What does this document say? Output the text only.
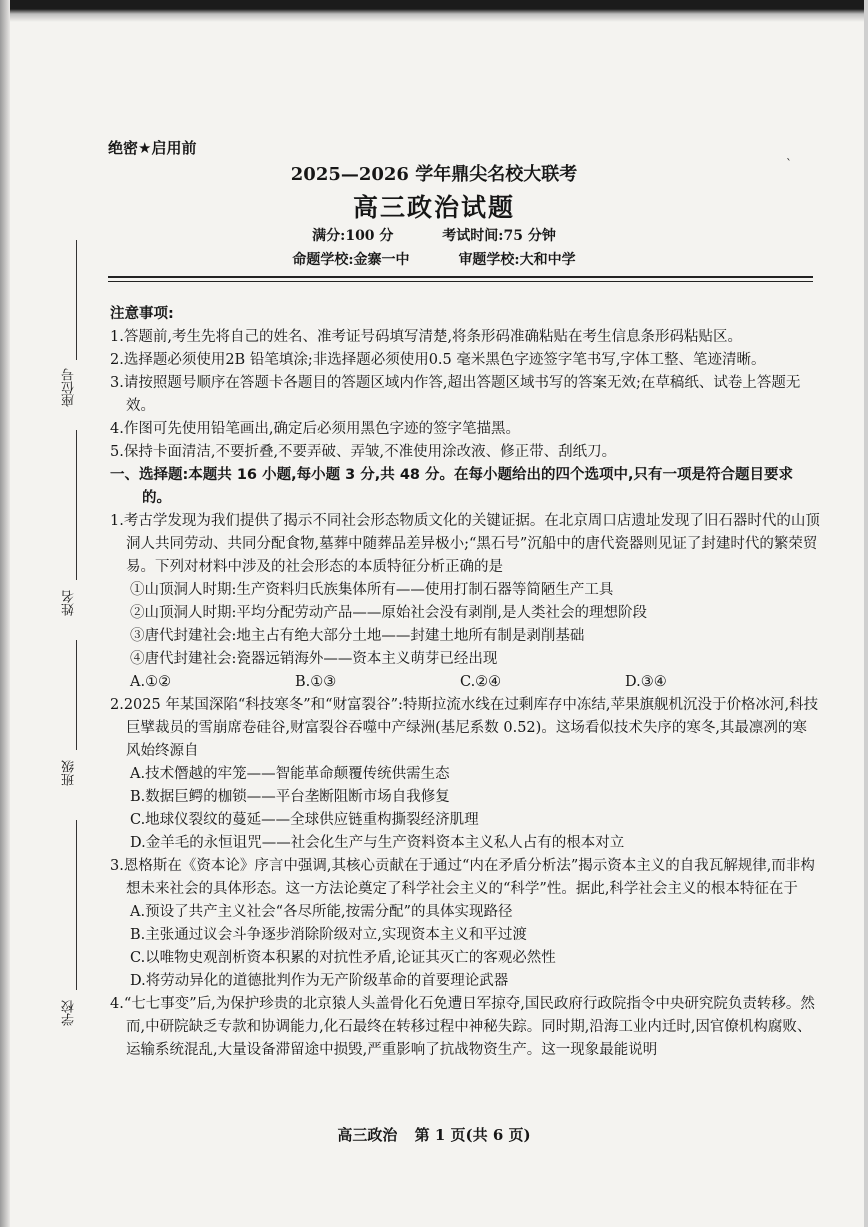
绝密★启用前
2025—2026 学年鼎尖名校大联考
高三政治试题
满分:100 分	考试时间:75 分钟
命题学校:金寨一中	审题学校:大和中学
座位号
姓名
班级
学校
`

注意事项:

1.答题前,考生先将自己的姓名、准考证号码填写清楚,将条形码准确粘贴在考生信息条形码粘贴区。

2.选择题必须使用2B 铅笔填涂;非选择题必须使用0.5 毫米黑色字迹签字笔书写,字体工整、笔迹清晰。

3.请按照题号顺序在答题卡各题目的答题区域内作答,超出答题区域书写的答案无效;在草稿纸、试卷上答题无效。

4.作图可先使用铅笔画出,确定后必须用黑色字迹的签字笔描黑。

5.保持卡面清洁,不要折叠,不要弄破、弄皱,不准使用涂改液、修正带、刮纸刀。

一、选择题:本题共 16 小题,每小题 3 分,共 48 分。在每小题给出的四个选项中,只有一项是符合题目要求的。

1.考古学发现为我们提供了揭示不同社会形态物质文化的关键证据。在北京周口店遗址发现了旧石器时代的山顶洞人共同劳动、共同分配食物,墓葬中随葬品差异极小;“黑石号”沉船中的唐代瓷器则见证了封建时代的繁荣贸易。下列对材料中涉及的社会形态的本质特征分析正确的是

①山顶洞人时期:生产资料归氏族集体所有——使用打制石器等简陋生产工具

②山顶洞人时期:平均分配劳动产品——原始社会没有剥削,是人类社会的理想阶段

③唐代封建社会:地主占有绝大部分土地——封建土地所有制是剥削基础

④唐代封建社会:瓷器远销海外——资本主义萌芽已经出现

A.①②	B.①③	C.②④	D.③④

2.2025 年某国深陷“科技寒冬”和“财富裂谷”:特斯拉流水线在过剩库存中冻结,苹果旗舰机沉没于价格冰河,科技巨擘裁员的雪崩席卷硅谷,财富裂谷吞噬中产绿洲(基尼系数 0.52)。这场看似技术失序的寒冬,其最凛冽的寒风始终源自

A.技术僭越的牢笼——智能革命颠覆传统供需生态

B.数据巨鳄的枷锁——平台垄断阻断市场自我修复

C.地球仪裂纹的蔓延——全球供应链重构撕裂经济肌理

D.金羊毛的永恒诅咒——社会化生产与生产资料资本主义私人占有的根本对立

3.恩格斯在《资本论》序言中强调,其核心贡献在于通过“内在矛盾分析法”揭示资本主义的自我瓦解规律,而非构想未来社会的具体形态。这一方法论奠定了科学社会主义的“科学”性。据此,科学社会主义的根本特征在于

A.预设了共产主义社会“各尽所能,按需分配”的具体实现路径

B.主张通过议会斗争逐步消除阶级对立,实现资本主义和平过渡

C.以唯物史观剖析资本积累的对抗性矛盾,论证其灭亡的客观必然性

D.将劳动异化的道德批判作为无产阶级革命的首要理论武器

4.“七七事变”后,为保护珍贵的北京猿人头盖骨化石免遭日军掠夺,国民政府行政院指令中央研究院负责转移。然而,中研院缺乏专款和协调能力,化石最终在转移过程中神秘失踪。同时期,沿海工业内迁时,因官僚机构腐败、运输系统混乱,大量设备滞留途中损毁,严重影响了抗战物资生产。这一现象最能说明

高三政治 第 1 页(共 6 页)
